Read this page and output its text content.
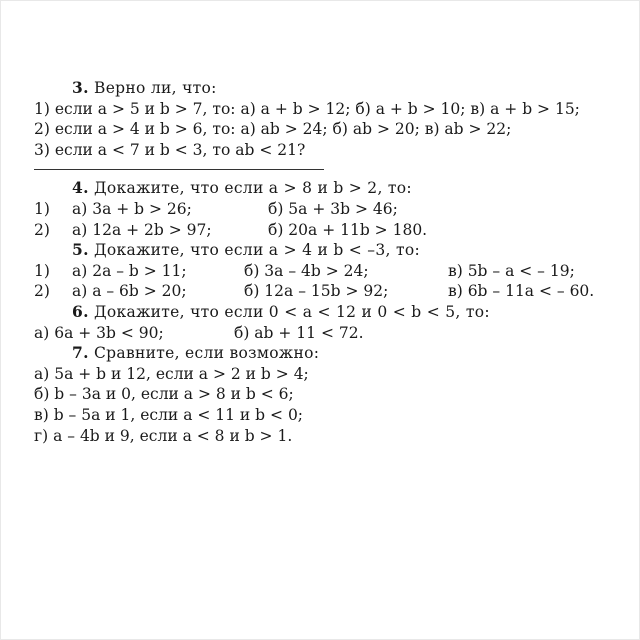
3. Верно ли, что:
1) если a > 5 и b > 7, то: а) a + b > 12; б) a + b > 10; в) a + b > 15;
2) если a > 4 и b > 6, то: а) ab > 24; б) ab > 20; в) ab > 22;
3) если a < 7 и b < 3, то ab < 21?
4. Докажите, что если a > 8 и b > 2, то:
1) а) 3a + b > 26;	б) 5a + 3b > 46;
2) а) 12a + 2b > 97;	б) 20a + 11b > 180.
5. Докажите, что если a > 4 и b < –3, то:
1) а) 2a – b > 11;	б) 3a – 4b > 24;	в) 5b – a < – 19;
2) а) a – 6b > 20;	б) 12a – 15b > 92;	в) 6b – 11a < – 60.
6. Докажите, что если 0 < a < 12 и 0 < b < 5, то:
а) 6a + 3b < 90;	б) ab + 11 < 72.
7. Сравните, если возможно:
а) 5a + b и 12, если a > 2 и b > 4;
б) b – 3a и 0, если a > 8 и b < 6;
в) b – 5a и 1, если a < 11 и b < 0;
г) a – 4b и 9, если a < 8 и b > 1.
